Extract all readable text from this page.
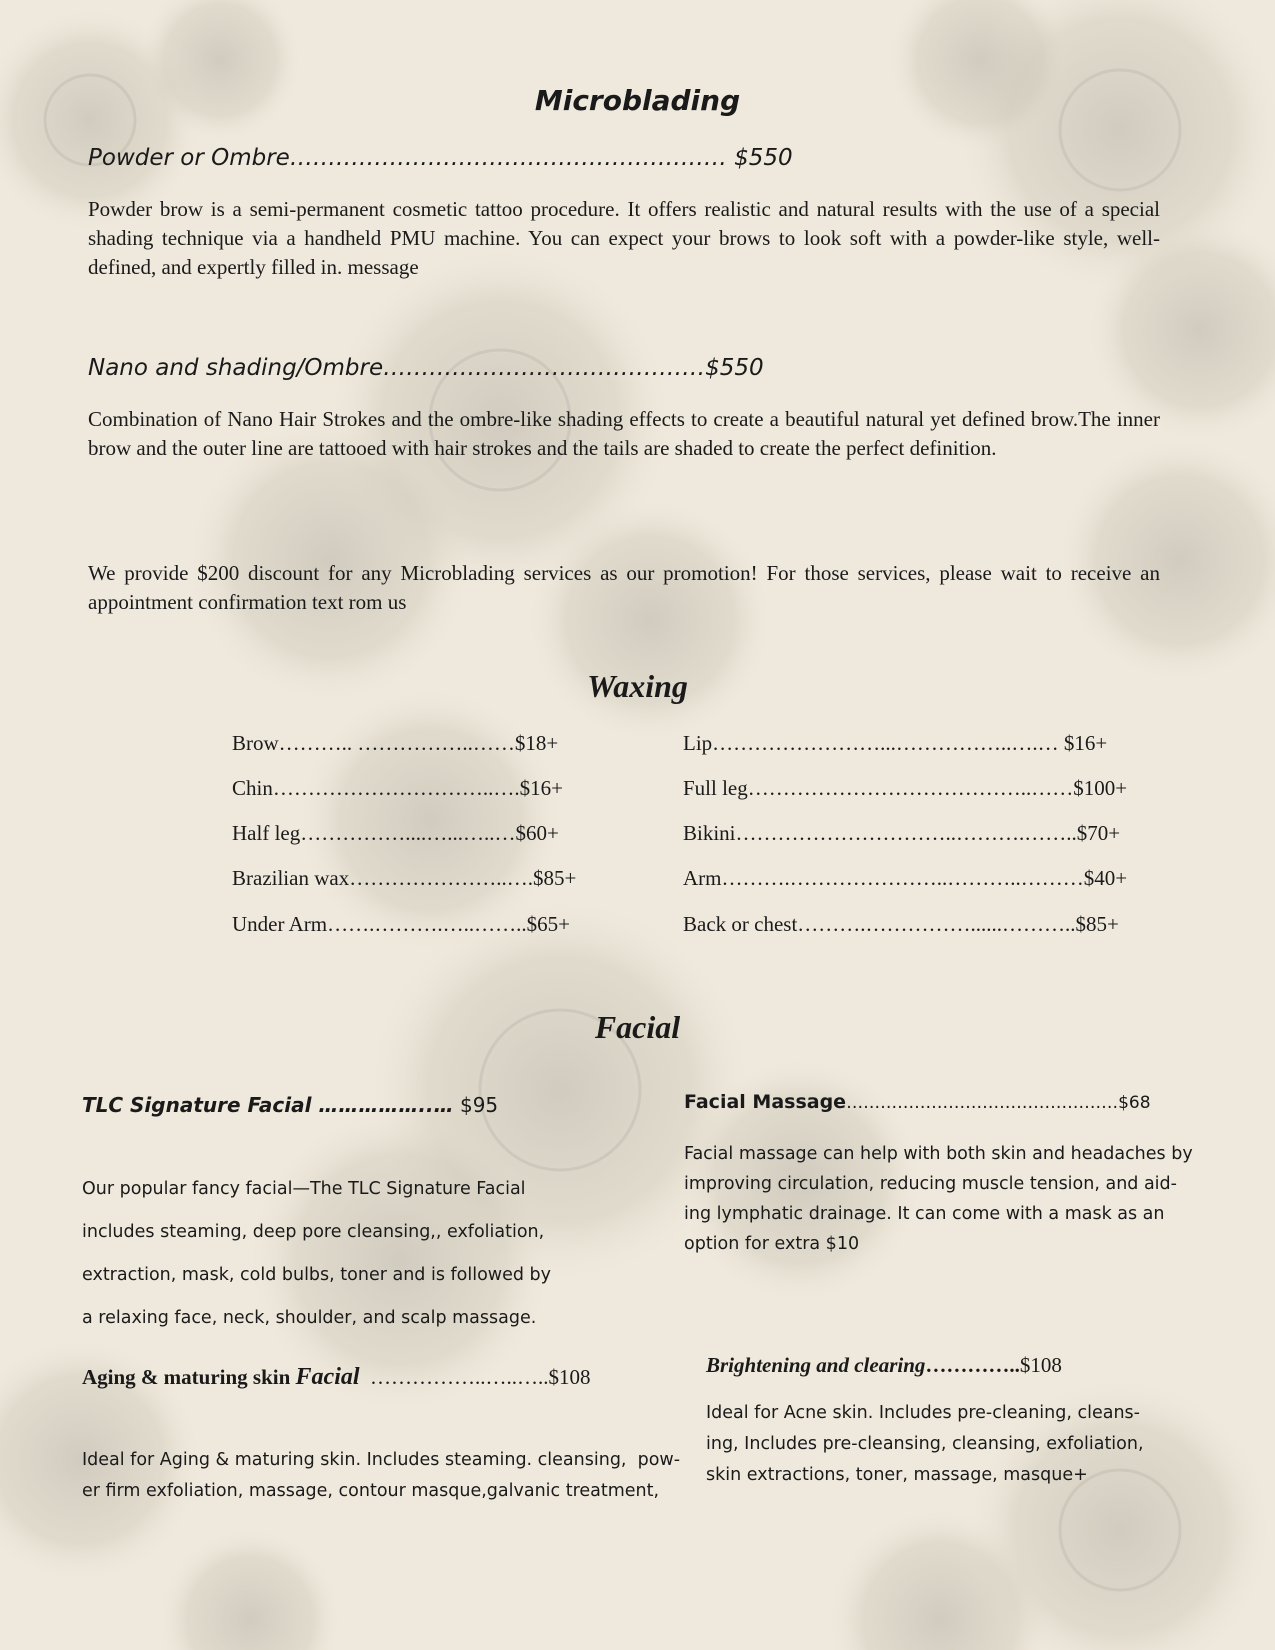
Microblading
Powder or Ombre………………………………………………… $550
Powder brow is a semi-permanent cosmetic tattoo procedure. It offers realistic and natural results with the use of a special shading technique via a handheld PMU machine. You can expect your brows to look soft with a powder-like style, well-defined, and expertly filled in. message
Nano and shading/Ombre……………………………………$550
Combination of Nano Hair Strokes and the ombre-like shading effects to create a beautiful natural yet defined brow.The inner brow and the outer line are tattooed with hair strokes and the tails are shaded to create the perfect definition.
We provide $200 discount for any Microblading services as our promotion! For those services, please wait to receive an appointment confirmation text rom us
Waxing
Brow……….. ……………..……$18+
Chin…………………………..….$16+
Half leg……………....…...…..…$60+
Brazilian wax…………………..….$85+
Under Arm…….……….…..……..$65+
Lip……………………...……………..….… $16+
Full leg…………………………………..……$100+
Bikini…………………………..……….……..$70+
Arm……….…………………..………..………$40+
Back or chest……….……………......………..$85+
Facial
TLC Signature Facial ……………..… $95
Our popular fancy facial—The TLC Signature Facial
includes steaming, deep pore cleansing,, exfoliation,
extraction, mask, cold bulbs, toner and is followed by
a relaxing face, neck, shoulder, and scalp massage.
Facial Massage…………………………………………$68
Facial massage can help with both skin and headaches by
improving circulation, reducing muscle tension, and aid-
ing lymphatic drainage. It can come with a mask as an
option for extra $10
Aging & maturing skin Facial  ……………..…..…..$108
Ideal for Aging & maturing skin. Includes steaming. cleansing,  pow-
er firm exfoliation, massage, contour masque,galvanic treatment,
Brightening and clearing…………..$108
Ideal for Acne skin. Includes pre-cleaning, cleans-
ing, Includes pre-cleansing, cleansing, exfoliation,
skin extractions, toner, massage, masque+
